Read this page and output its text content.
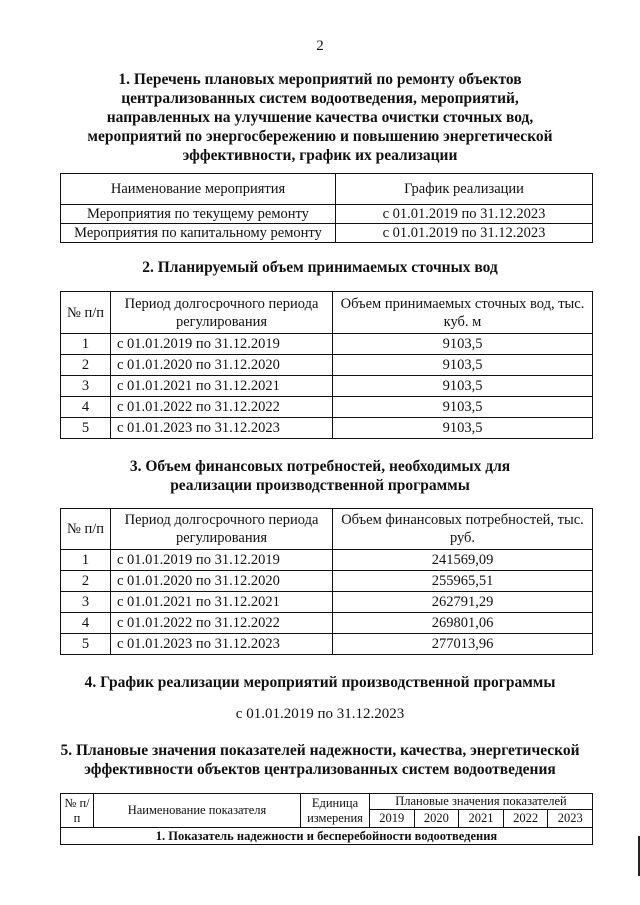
2
1. Перечень плановых мероприятий по ремонту объектов
централизованных систем водоотведения, мероприятий,
направленных на улучшение качества очистки сточных вод,
мероприятий по энергосбережению и повышению энергетической
эффективности, график их реализации
Наименование мероприятия	График реализации
Мероприятия по текущему ремонту	с 01.01.2019 по 31.12.2023
Мероприятия по капитальному ремонту	с 01.01.2019 по 31.12.2023
2. Планируемый объем принимаемых сточных вод
№ п/п	Период долгосрочного периода регулирования	Объем принимаемых сточных вод, тыс. куб. м
1	с 01.01.2019 по 31.12.2019	9103,5
2	с 01.01.2020 по 31.12.2020	9103,5
3	с 01.01.2021 по 31.12.2021	9103,5
4	с 01.01.2022 по 31.12.2022	9103,5
5	с 01.01.2023 по 31.12.2023	9103,5
3. Объем финансовых потребностей, необходимых для
реализации производственной программы
№ п/п	Период долгосрочного периода регулирования	Объем финансовых потребностей, тыс. руб.
1	с 01.01.2019 по 31.12.2019	241569,09
2	с 01.01.2020 по 31.12.2020	255965,51
3	с 01.01.2021 по 31.12.2021	262791,29
4	с 01.01.2022 по 31.12.2022	269801,06
5	с 01.01.2023 по 31.12.2023	277013,96
4. График реализации мероприятий производственной программы
с 01.01.2019 по 31.12.2023
5. Плановые значения показателей надежности, качества, энергетической
эффективности объектов централизованных систем водоотведения
№ п/п	Наименование показателя	Единица измерения	Плановые значения показателей				
			2019	2020	2021	2022	2023
1. Показатель надежности и бесперебойности водоотведения							
